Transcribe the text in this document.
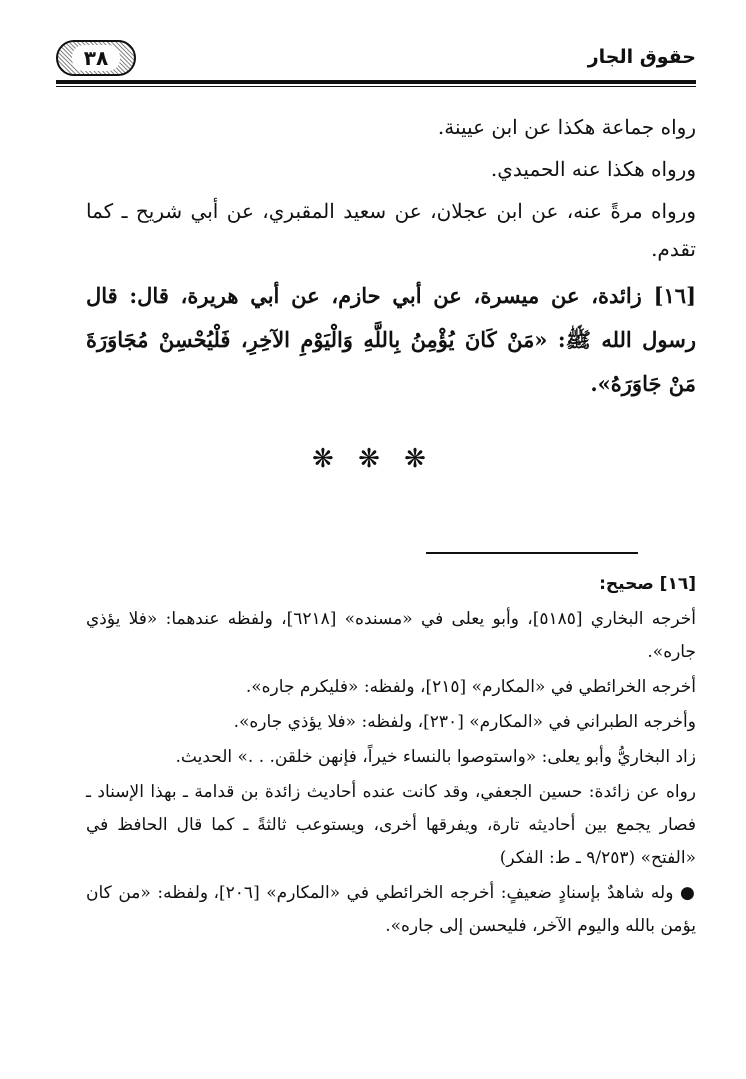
٣٨	حقوق الجار

رواه جماعة هكذا عن ابن عيينة.

ورواه هكذا عنه الحميدي.

ورواه مرةً عنه، عن ابن عجلان، عن سعيد المقبري، عن أبي شريح ـ كما تقدم.

[١٦] زائدة، عن ميسرة، عن أبي حازم، عن أبي هريرة، قال: قال رسول الله ﷺ: «مَنْ كَانَ يُؤْمِنُ بِاللَّهِ وَالْيَوْمِ الآخِرِ، فَلْيُحْسِنْ مُجَاوَرَةَ مَنْ جَاوَرَهُ».

❋ ❋ ❋

[١٦] صحيح:

أخرجه البخاري [٥١٨٥]، وأبو يعلى في «مسنده» [٦٢١٨]، ولفظه عندهما: «فلا يؤذي جاره».

أخرجه الخرائطي في «المكارم» [٢١٥]، ولفظه: «فليكرم جاره».

وأخرجه الطبراني في «المكارم» [٢٣٠]، ولفظه: «فلا يؤذي جاره».

زاد البخاريُّ وأبو يعلى: «واستوصوا بالنساء خيراً، فإنهن خلقن. . .» الحديث.

رواه عن زائدة: حسين الجعفي، وقد كانت عنده أحاديث زائدة بن قدامة ـ بهذا الإسناد ـ فصار يجمع بين أحاديثه تارة، ويفرقها أخرى، ويستوعب ثالثةً ـ كما قال الحافظ في «الفتح» (٩/٢٥٣ ـ ط: الفكر)

● وله شاهدٌ بإسنادٍ ضعيفٍ: أخرجه الخرائطي في «المكارم» [٢٠٦]، ولفظه: «من كان يؤمن بالله واليوم الآخر، فليحسن إلى جاره».
